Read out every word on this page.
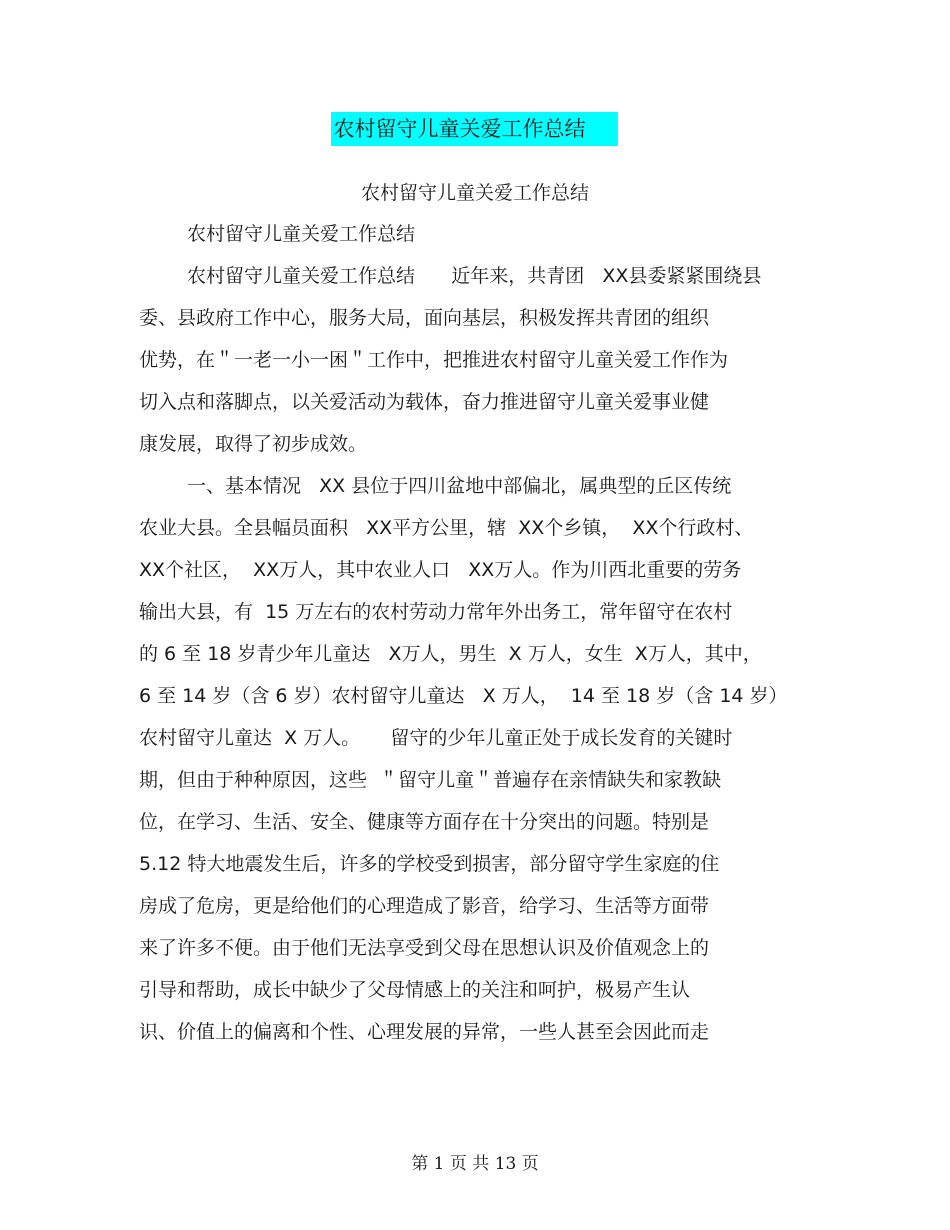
农村留守儿童关爱工作总结
农村留守儿童关爱工作总结
农村留守儿童关爱工作总结
农村留守儿童关爱工作总结      近年来，共青团   XX县委紧紧围绕县
委、县政府工作中心，服务大局，面向基层，积极发挥共青团的组织
优势，在＂一老一小一困＂工作中，把推进农村留守儿童关爱工作作为
切入点和落脚点，以关爱活动为载体，奋力推进留守儿童关爱事业健
康发展，取得了初步成效。
一、基本情况   XX 县位于四川盆地中部偏北，属典型的丘区传统
农业大县。全县幅员面积   XX平方公里，辖  XX个乡镇，  XX个行政村、
XX个社区，  XX万人，其中农业人口   XX万人。作为川西北重要的劳务
输出大县，有  15 万左右的农村劳动力常年外出务工，常年留守在农村
的 6 至 18 岁青少年儿童达   X万人，男生  X 万人，女生  X万人，其中，
6 至 14 岁（含 6 岁）农村留守儿童达   X 万人，  14 至 18 岁（含 14 岁）
农村留守儿童达  X 万人。     留守的少年儿童正处于成长发育的关键时
期，但由于种种原因，这些  ＂留守儿童＂普遍存在亲情缺失和家教缺
位，在学习、生活、安全、健康等方面存在十分突出的问题。特别是
5.12 特大地震发生后，许多的学校受到损害，部分留守学生家庭的住
房成了危房，更是给他们的心理造成了影音，给学习、生活等方面带
来了许多不便。由于他们无法享受到父母在思想认识及价值观念上的
引导和帮助，成长中缺少了父母情感上的关注和呵护，极易产生认
识、价值上的偏离和个性、心理发展的异常，一些人甚至会因此而走
第 1 页 共 13 页
